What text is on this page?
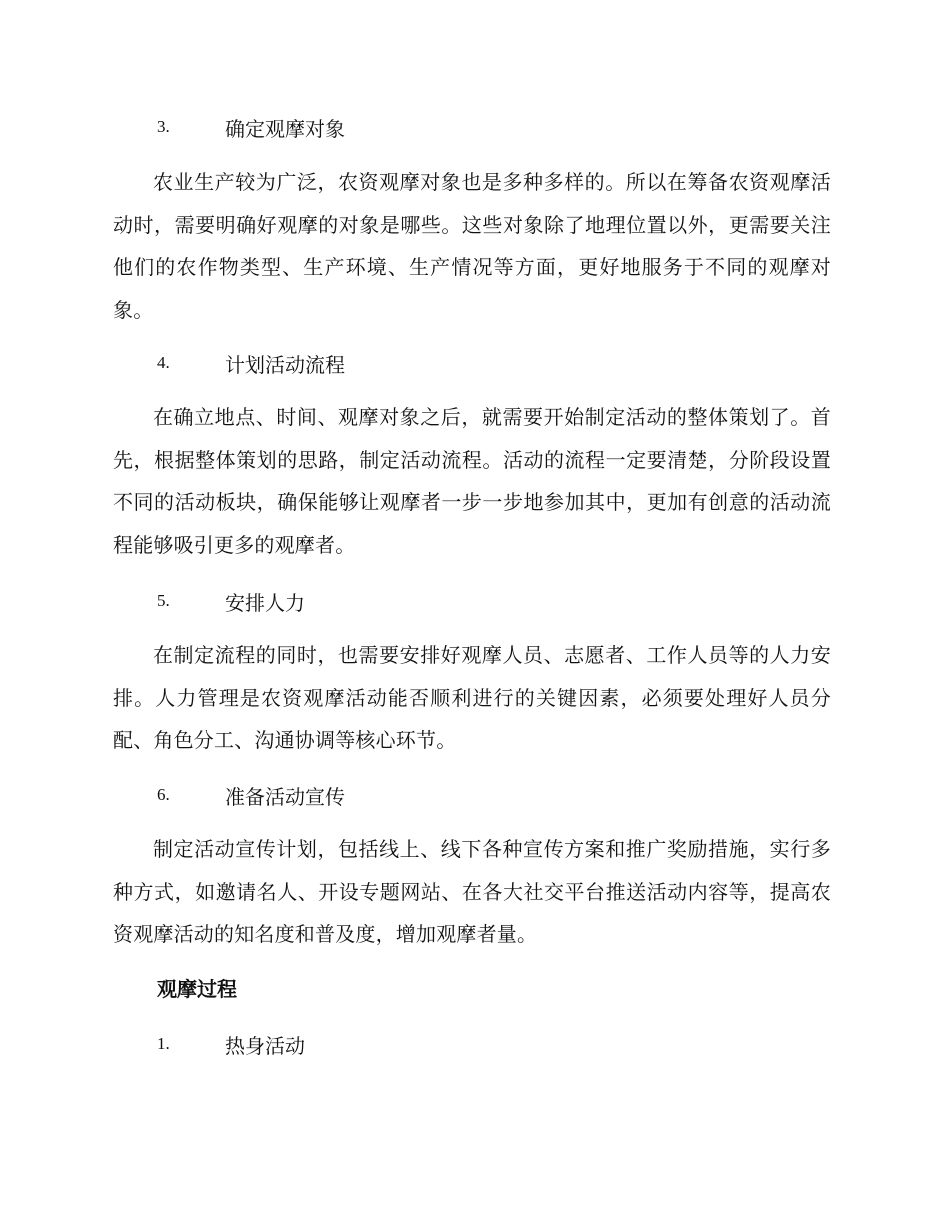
3.	确定观摩对象

农业生产较为广泛，农资观摩对象也是多种多样的。所以在筹备农资观摩活动时，需要明确好观摩的对象是哪些。这些对象除了地理位置以外，更需要关注他们的农作物类型、生产环境、生产情况等方面，更好地服务于不同的观摩对象。

4.	计划活动流程

在确立地点、时间、观摩对象之后，就需要开始制定活动的整体策划了。首先，根据整体策划的思路，制定活动流程。活动的流程一定要清楚，分阶段设置不同的活动板块，确保能够让观摩者一步一步地参加其中，更加有创意的活动流程能够吸引更多的观摩者。

5.	安排人力

在制定流程的同时，也需要安排好观摩人员、志愿者、工作人员等的人力安排。人力管理是农资观摩活动能否顺利进行的关键因素，必须要处理好人员分配、角色分工、沟通协调等核心环节。

6.	准备活动宣传

制定活动宣传计划，包括线上、线下各种宣传方案和推广奖励措施，实行多种方式，如邀请名人、开设专题网站、在各大社交平台推送活动内容等，提高农资观摩活动的知名度和普及度，增加观摩者量。

观摩过程
1.	热身活动
